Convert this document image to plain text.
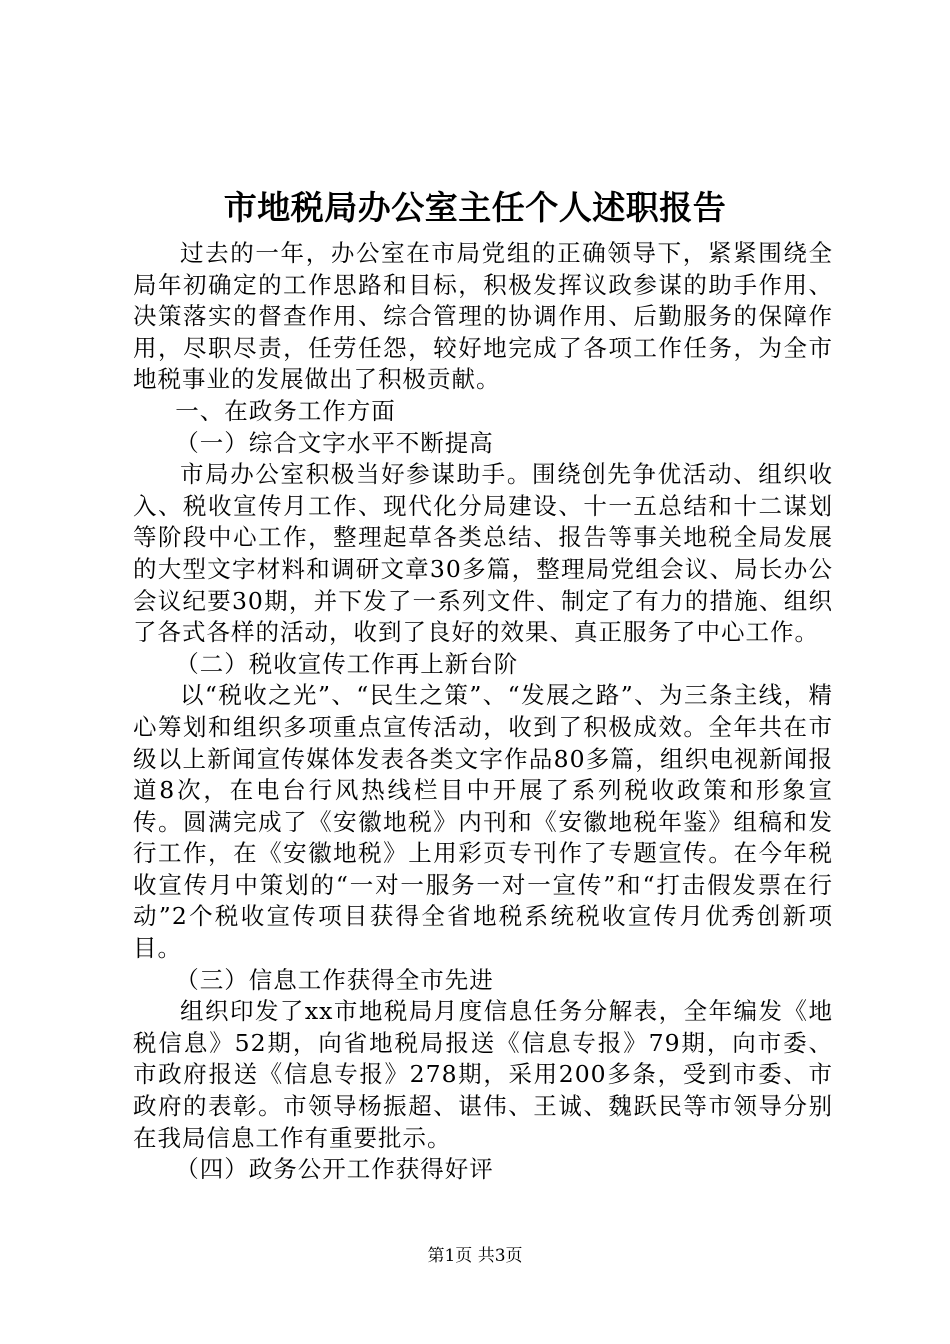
市地税局办公室主任个人述职报告

过去的一年，办公室在市局党组的正确领导下，紧紧围绕全局年初确定的工作思路和目标，积极发挥议政参谋的助手作用、决策落实的督查作用、综合管理的协调作用、后勤服务的保障作用，尽职尽责，任劳任怨，较好地完成了各项工作任务，为全市地税事业的发展做出了积极贡献。

一、在政务工作方面

（一）综合文字水平不断提高

市局办公室积极当好参谋助手。围绕创先争优活动、组织收入、税收宣传月工作、现代化分局建设、十一五总结和十二谋划等阶段中心工作，整理起草各类总结、报告等事关地税全局发展的大型文字材料和调研文章30多篇，整理局党组会议、局长办公会议纪要30期，并下发了一系列文件、制定了有力的措施、组织了各式各样的活动，收到了良好的效果、真正服务了中心工作。

（二）税收宣传工作再上新台阶

以“税收之光”、“民生之策”、“发展之路”、为三条主线，精心筹划和组织多项重点宣传活动，收到了积极成效。全年共在市级以上新闻宣传媒体发表各类文字作品80多篇，组织电视新闻报道8次，在电台行风热线栏目中开展了系列税收政策和形象宣传。圆满完成了《安徽地税》内刊和《安徽地税年鉴》组稿和发行工作，在《安徽地税》上用彩页专刊作了专题宣传。在今年税收宣传月中策划的“一对一服务一对一宣传”和“打击假发票在行动”2个税收宣传项目获得全省地税系统税收宣传月优秀创新项目。

（三）信息工作获得全市先进

组织印发了xx市地税局月度信息任务分解表，全年编发《地税信息》52期，向省地税局报送《信息专报》79期，向市委、市政府报送《信息专报》278期，采用200多条，受到市委、市政府的表彰。市领导杨振超、谌伟、王诚、魏跃民等市领导分别在我局信息工作有重要批示。

（四）政务公开工作获得好评

第1页 共3页
